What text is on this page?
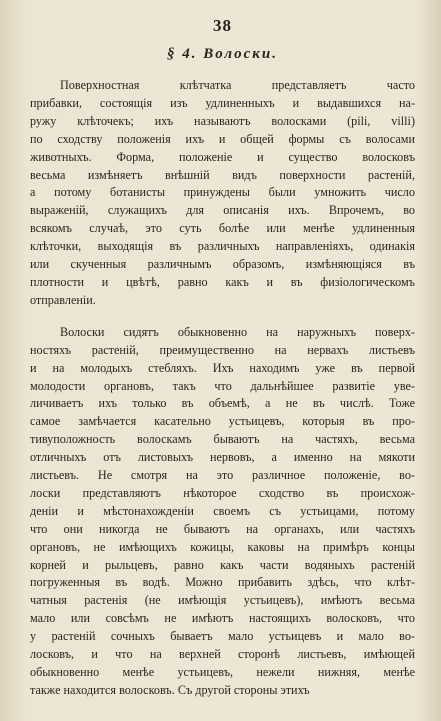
38
§ 4. Волоски.
Поверхностная клѣтчатка представляетъ часто
прибавки, состоящія изъ удлиненныхъ и выдавшихся на-
ружу клѣточекъ; ихъ называютъ волосками (pili, villi)
по сходству положенія ихъ и общей формы съ волосами
животныхъ. Форма, положеніе и существо волосковъ
весьма измѣняетъ внѣшній видъ поверхности растеній,
а потому ботанисты принуждены были умножить число
выраженій, служащихъ для описанія ихъ. Впрочемъ, во
всякомъ случаѣ, это суть болѣе или менѣе удлиненныя
клѣточки, выходящія въ различныхъ направленіяхъ, одинакія
или скученныя различнымъ образомъ, измѣняющіяся въ
плотности и цвѣтѣ, равно какъ и въ физіологическомъ
отправленіи.
Волоски сидятъ обыкновенно на наружныхъ поверх-
ностяхъ растеній, преимущественно на нервахъ листьевъ
и на молодыхъ стебляхъ. Ихъ находимъ уже въ первой
молодости органовъ, такъ что дальнѣйшее развитіе уве-
личиваетъ ихъ только въ объемѣ, а не въ числѣ. Тоже
самое замѣчается касательно устьицевъ, которыя въ про-
тивуположность волоскамъ бываютъ на частяхъ, весьма
отличныхъ отъ листовыхъ нервовъ, а именно на мякоти
листьевъ. Не смотря на это различное положеніе, во-
лоски представляютъ нѣкоторое сходство въ происхож-
деніи и мѣстонахожденіи своемъ съ устьицами, потому
что они никогда не бываютъ на органахъ, или частяхъ
органовъ, не имѣющихъ кожицы, каковы на примѣръ концы
корней и рыльцевъ, равно какъ части водяныхъ растеній
погруженныя въ водѣ. Можно прибавить здѣсь, что клѣт-
чатныя растенія (не имѣющія устьицевъ), имѣютъ весьма
мало или совсѣмъ не имѣютъ настоящихъ волосковъ, что
у растеній сочныхъ бываетъ мало устьицевъ и мало во-
лосковъ, и что на верхней сторонѣ листьевъ, имѣющей
обыкновенно менѣе устьицевъ, нежели нижняя, менѣе
также находится волосковъ. Съ другой стороны этихъ
